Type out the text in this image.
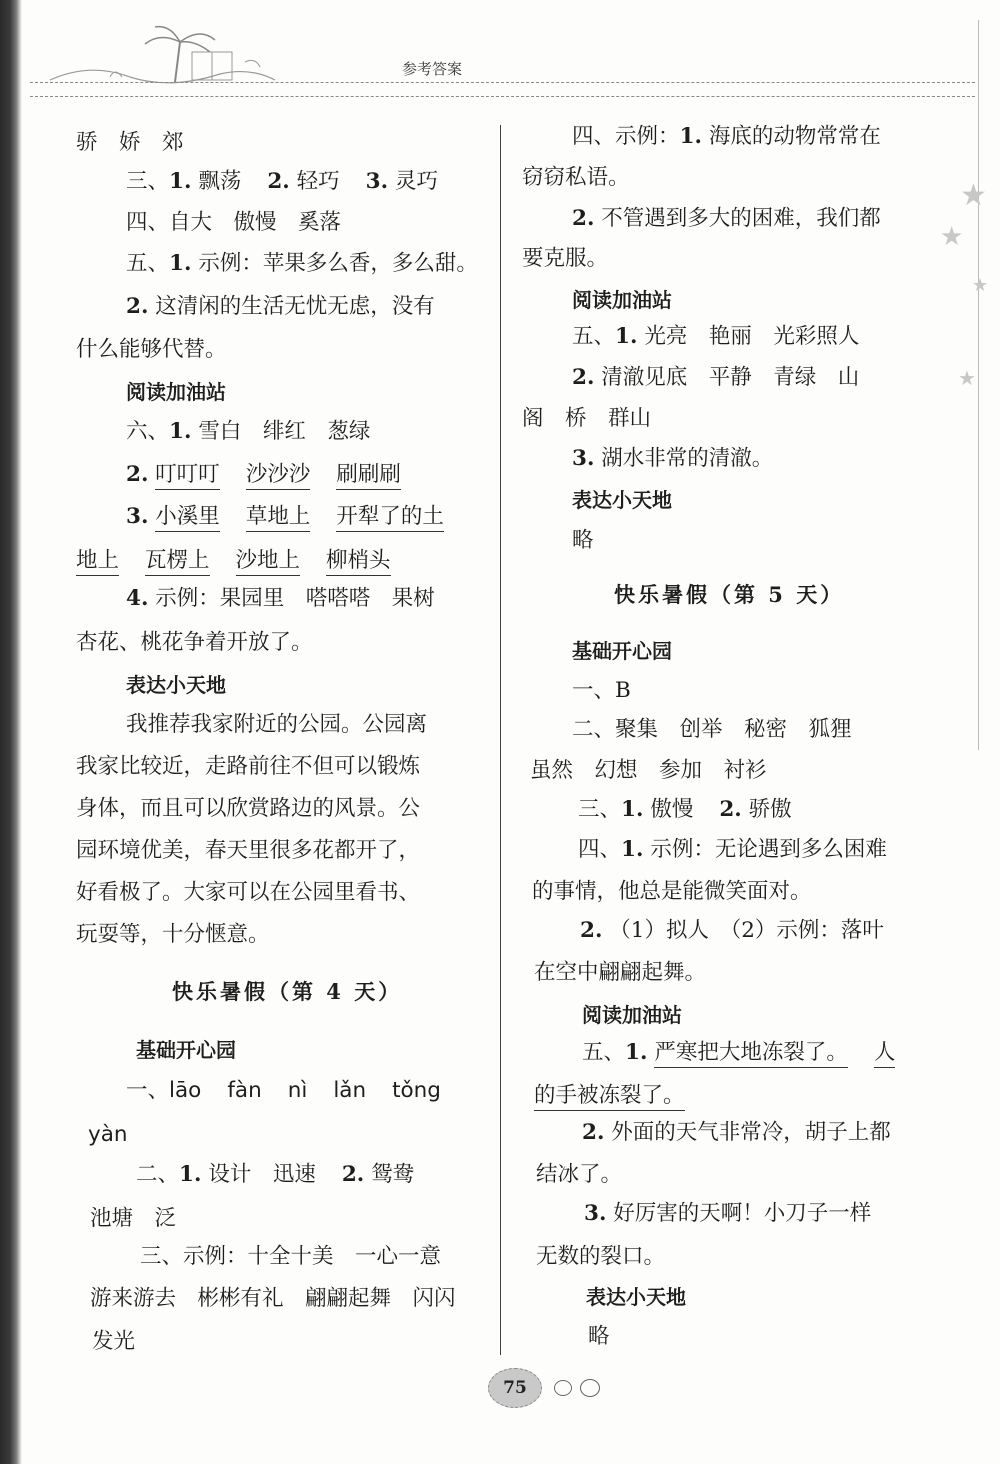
参考答案
★
★
★
★
骄　娇　郊
三、1. 飘荡 2. 轻巧 3. 灵巧
四、自大　傲慢　奚落
五、1. 示例：苹果多么香，多么甜。
2. 这清闲的生活无忧无虑，没有
什么能够代替。
阅读加油站
六、1. 雪白　绯红　葱绿
2. 叮叮叮 沙沙沙 刷刷刷
3. 小溪里 草地上 开犁了的土
地上 瓦楞上 沙地上 柳梢头
4. 示例：果园里　嗒嗒嗒　果树
杏花、桃花争着开放了。
表达小天地
我推荐我家附近的公园。公园离
我家比较近，走路前往不但可以锻炼
身体，而且可以欣赏路边的风景。公
园环境优美，春天里很多花都开了，
好看极了。大家可以在公园里看书、
玩耍等，十分惬意。
快乐暑假（第 4 天）
基础开心园
一、lāo fàn nì lǎn tǒng
yàn
二、1. 设计　迅速 2. 鸳鸯
池塘　泛
三、示例：十全十美　一心一意
游来游去　彬彬有礼　翩翩起舞　闪闪
发光
四、示例：1. 海底的动物常常在
窃窃私语。
2. 不管遇到多大的困难，我们都
要克服。
阅读加油站
五、1. 光亮　艳丽　光彩照人
2. 清澈见底　平静　青绿　山
阁　桥　群山
3. 湖水非常的清澈。
表达小天地
略
快乐暑假（第 5 天）
基础开心园
一、B
二、聚集　创举　秘密　狐狸
虽然　幻想　参加　衬衫
三、1. 傲慢 2. 骄傲
四、1. 示例：无论遇到多么困难
的事情，他总是能微笑面对。
2. （1）拟人　（2）示例：落叶
在空中翩翩起舞。
阅读加油站
五、1. 严寒把大地冻裂了。 人
的手被冻裂了。
2. 外面的天气非常冷，胡子上都
结冰了。
3. 好厉害的天啊！小刀子一样
无数的裂口。
表达小天地
略
75
